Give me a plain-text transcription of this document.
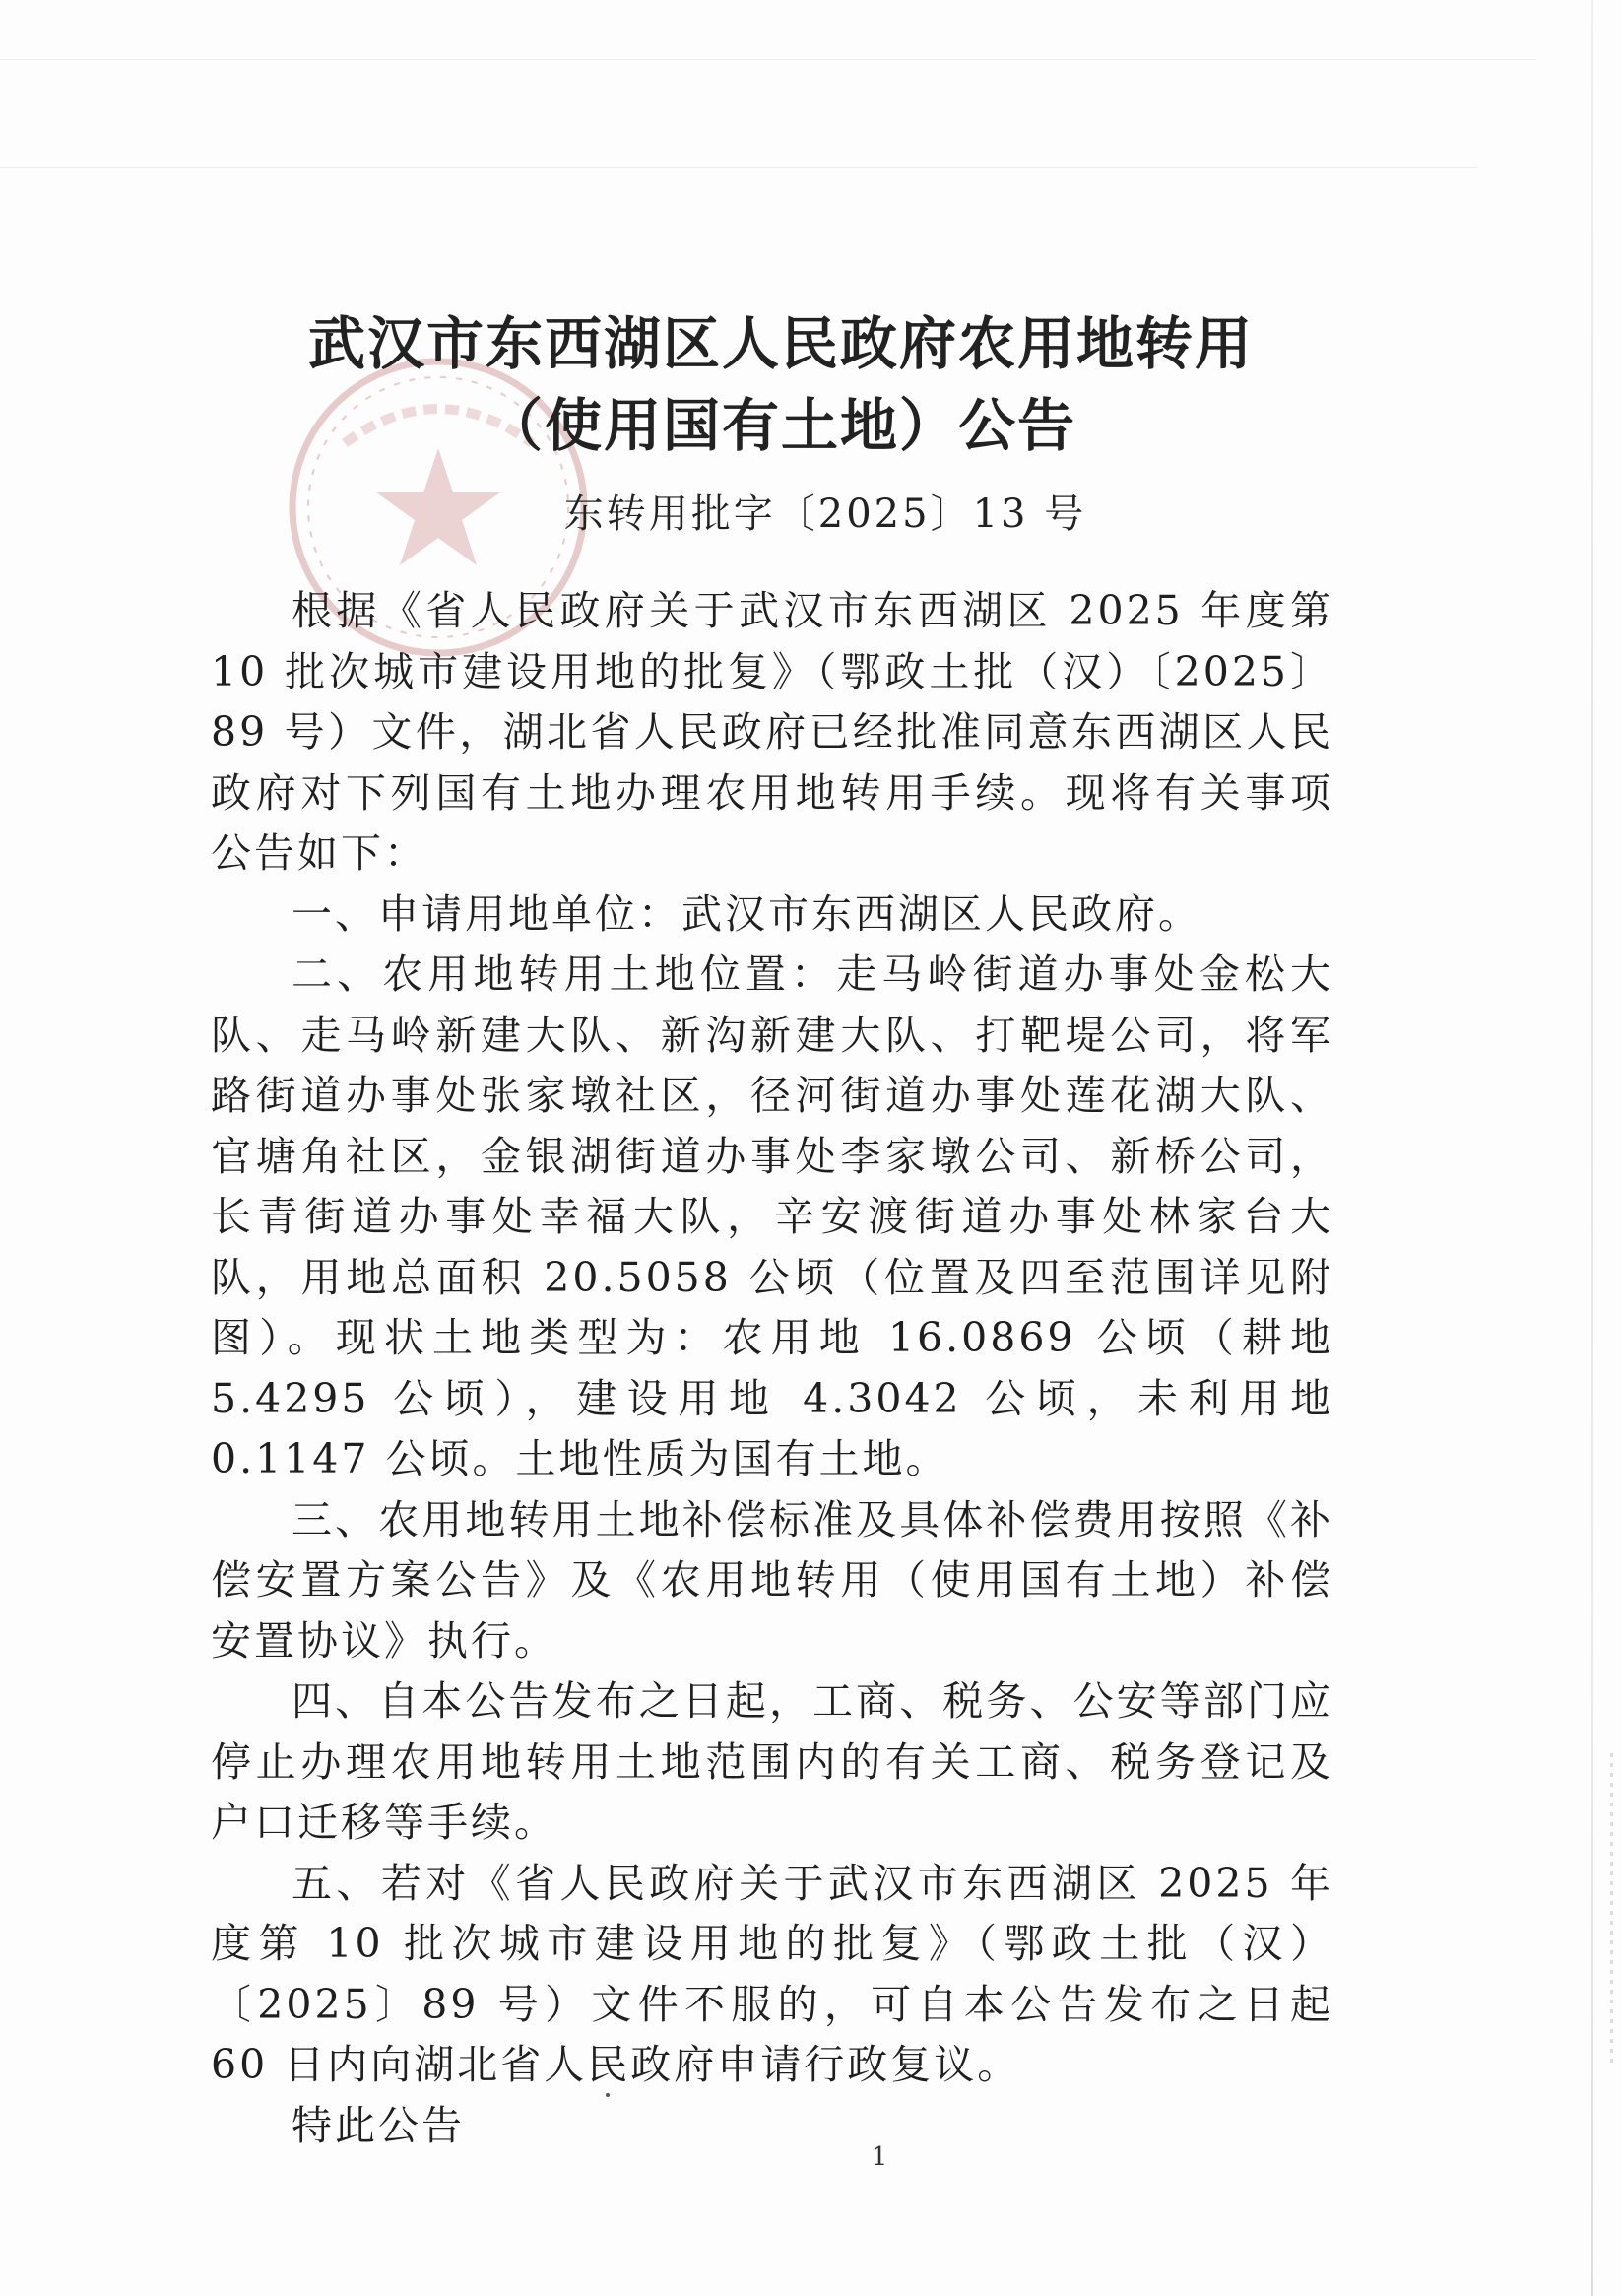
武汉市东西湖区人民政府农用地转用
（使用国有土地）公告
东转用批字〔2025〕13 号

根据《省人民政府关于武汉市东西湖区 2025 年度第 10 批次城市建设用地的批复》（鄂政土批（汉）〔2025〕89 号）文件，湖北省人民政府已经批准同意东西湖区人民政府对下列国有土地办理农用地转用手续。现将有关事项公告如下：

一、申请用地单位：武汉市东西湖区人民政府。

二、农用地转用土地位置：走马岭街道办事处金松大队、走马岭新建大队、新沟新建大队、打靶堤公司，将军路街道办事处张家墩社区，径河街道办事处莲花湖大队、官塘角社区，金银湖街道办事处李家墩公司、新桥公司，长青街道办事处幸福大队，辛安渡街道办事处林家台大队，用地总面积 20.5058 公顷（位置及四至范围详见附图）。现状土地类型为：农用地 16.0869 公顷（耕地 5.4295 公顷），建设用地 4.3042 公顷，未利用地 0.1147 公顷。土地性质为国有土地。

三、农用地转用土地补偿标准及具体补偿费用按照《补偿安置方案公告》及《农用地转用（使用国有土地）补偿安置协议》执行。

四、自本公告发布之日起，工商、税务、公安等部门应停止办理农用地转用土地范围内的有关工商、税务登记及户口迁移等手续。

五、若对《省人民政府关于武汉市东西湖区 2025 年度第 10 批次城市建设用地的批复》（鄂政土批（汉）〔2025〕89 号）文件不服的，可自本公告发布之日起 60 日内向湖北省人民政府申请行政复议。

特此公告

1
